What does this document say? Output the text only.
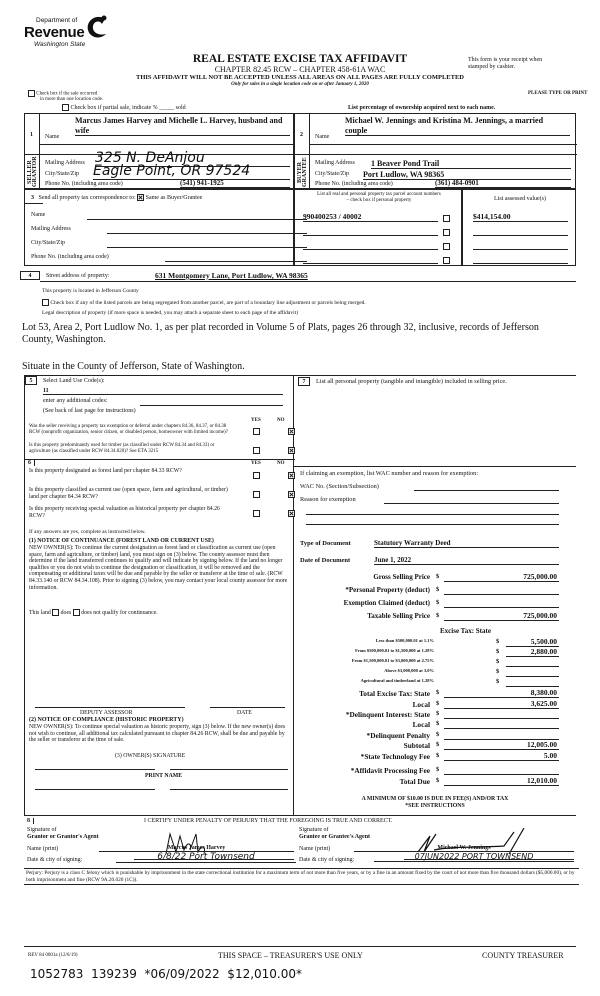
Department of
Revenue
Washington State
REAL ESTATE EXCISE TAX AFFIDAVIT
CHAPTER 82.45 RCW – CHAPTER 458-61A WAC
THIS AFFIDAVIT WILL NOT BE ACCEPTED UNLESS ALL AREAS ON ALL PAGES ARE FULLY COMPLETED
Only for sales in a single location code on or after January 1, 2020
This form is your receipt when
stamped by cashier.
PLEASE TYPE OR PRINT
Check box if the sale occurred
in more than one location code.
Check box if partial sale, indicate % _____ sold	List percentage of ownership acquired next to each name.
1
SELLER
GRANTOR
Name
Marcus James Harvey and Michelle L. Harvey, husband and
wife
Mailing Address 325 N. DeAnjou
City/State/Zip Eagle Point, OR 97524
Phone No. (including area code)	(541) 941-1925
2
BUYER
GRANTEE
Name
Michael W. Jennings and Kristina M. Jennings, a married
couple
Mailing Address 1 Beaver Pond Trail
City/State/Zip Port Ludlow, WA 98365
Phone No. (including area code)	(361) 484-0901
3 Send all property tax correspondence to: Same as Buyer/Grantee
Name
Mailing Address
City/State/Zip
Phone No. (including area code)
List all real and personal property tax parcel account numbers
– check box if personal property
990400253 / 40002
List assessed value(s)
$414,154.00
4	Street address of property:	631 Montgomery Lane, Port Ludlow, WA 98365
This property is located in Jefferson County
Check box if any of the listed parcels are being segregated from another parcel, are part of a boundary line adjustment or parcels being merged.
Legal description of property (if more space is needed, you may attach a separate sheet to each page of the affidavit)
Lot 53, Area 2, Port Ludlow No. 1, as per plat recorded in Volume 5 of Plats, pages 26 through 32, inclusive, records of Jefferson
County, Washington.
Situate in the County of Jefferson, State of Washington.
5	Select Land Use Code(s):
11
enter any additional codes:
(See back of last page for instructions)
YES	NO
Was the seller receiving a property tax exemption or deferral under chapters 84.36, 84.37, or 84.38 RCW (nonprofit organization, senior citizen, or disabled person, homeowner with limited income)?

Is this property predominantly used for timber (as classified under RCW 84.34 and 84.33) or agriculture (as classified under RCW 84.34.020)? See ETA 3215

6	YES	NO
Is this property designated as forest land per chapter 84.33 RCW?

Is this property classified as current use (open space, farm and agricultural, or timber) land per chapter 84.34 RCW?

Is this property receiving special valuation as historical property per chapter 84.26 RCW?

If any answers are yes, complete as instructed below.
(1) NOTICE OF CONTINUANCE (FOREST LAND OR CURRENT USE)
NEW OWNER(S): To continue the current designation as forest land or classification as current use (open space, farm and agriculture, or timber) land, you must sign on (3) below. The county assessor must then determine if the land transferred continues to qualify and will indicate by signing below. If the land no longer qualifies or you do not wish to continue the designation or classification, it will be removed and the compensating or additional taxes will be due and payable by the seller or transferor at the time of sale. (RCW 84.33.140 or RCW 84.34.108). Prior to signing (3) below, you may contact your local county assessor for more information.
This land does does not qualify for continuance.
DEPUTY ASSESSOR	DATE
(2) NOTICE OF COMPLIANCE (HISTORIC PROPERTY)
NEW OWNER(S): To continue special valuation as historic property, sign (3) below. If the new owner(s) does not wish to continue, all additional tax calculated pursuant to chapter 84.26 RCW, shall be due and payable by the seller or transferor at the time of sale.
(3) OWNER(S) SIGNATURE
PRINT NAME
7	List all personal property (tangible and intangible) included in selling price.
If claiming an exemption, list WAC number and reason for exemption:
WAC No. (Section/Subsection)
Reason for exemption
Type of Document	Statutory Warranty Deed
Date of Document	June 1, 2022
Gross Selling Price $	725,000.00
*Personal Property (deduct) $
Exemption Claimed (deduct) $
Taxable Selling Price $	725,000.00
Excise Tax: State
Less than $500,000.01 at 1.1%	$	5,500.00
From $500,000.01 to $1,500,000 at 1.28%	$	2,880.00
From $1,500,000.01 to $3,000,000 at 2.75%	$
Above $3,000,000 at 3.0%	$
Agricultural and timberland at 1.28%	$
Total Excise Tax: State $	8,380.00
Local $	3,625.00
*Delinquent Interest: State $
Local $
*Delinquent Penalty $
Subtotal $	12,005.00
*State Technology Fee $	5.00
*Affidavit Processing Fee $
Total Due $	12,010.00
A MINIMUM OF $10.00 IS DUE IN FEE(S) AND/OR TAX
*SEE INSTRUCTIONS
8	I CERTIFY UNDER PENALTY OF PERJURY THAT THE FOREGOING IS TRUE AND CORRECT.
Signature of
Grantor or Grantor's Agent
Signature of
Grantee or Grantee's Agent
Name (print)	Marcus James Harvey	Name (print)	Michael W. Jennings
Date & city of signing:	6/8/22 Port Townsend	Date & city of signing:	07JUN2022 PORT TOWNSEND
Perjury: Perjury is a class C felony which is punishable by imprisonment in the state correctional institution for a maximum term of not more than five years, or by a fine in an amount fixed by the court of not more than five thousand dollars ($5,000.00), or by both imprisonment and fine (RCW 9A.20.020 (1C)).
REV 84 0001a (12/6/19)	THIS SPACE – TREASURER'S USE ONLY	COUNTY TREASURER
1052783  139239  *06/09/2022  $12,010.00*
